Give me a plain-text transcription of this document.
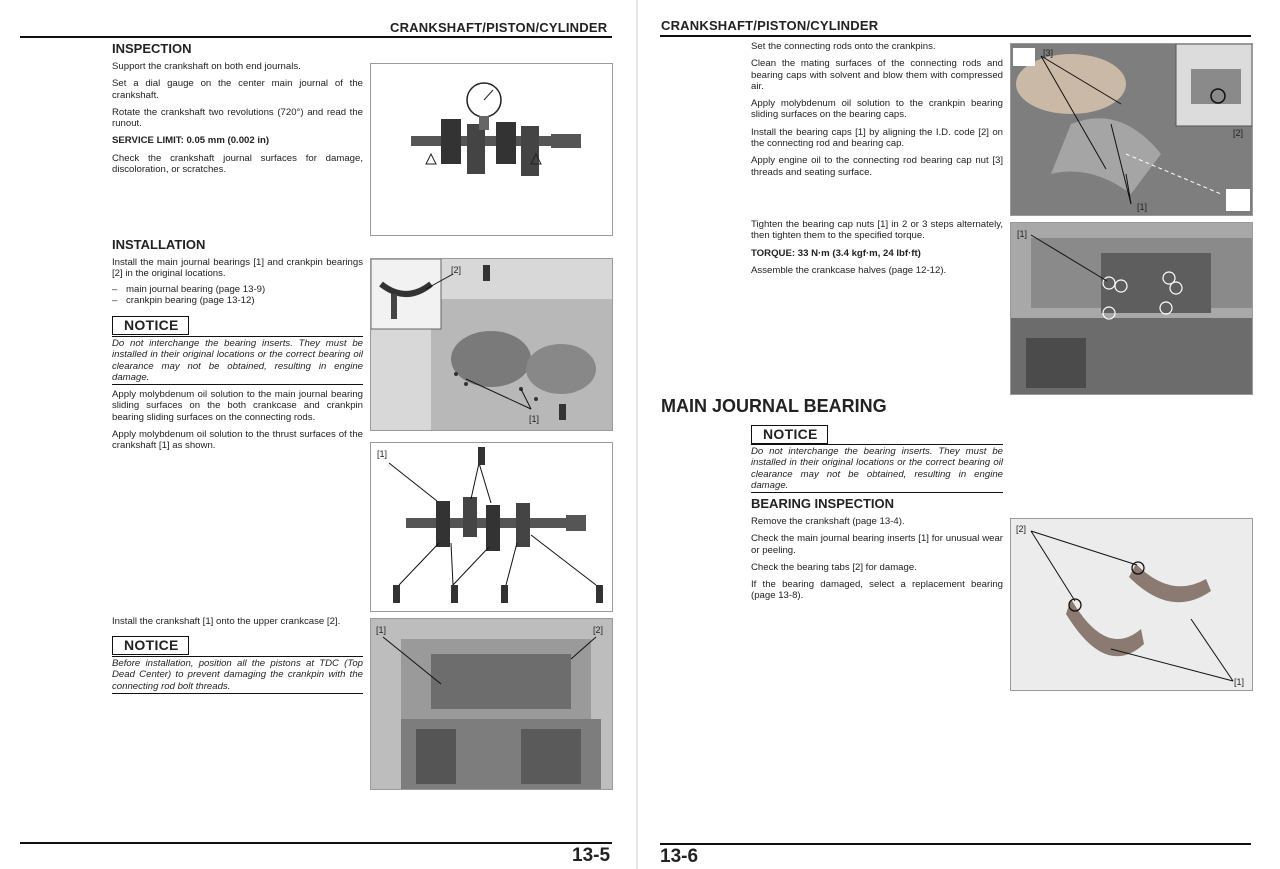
CRANKSHAFT/PISTON/CYLINDER
INSPECTION

Support the crankshaft on both end journals.

Set a dial gauge on the center main journal of the crankshaft.

Rotate the crankshaft two revolutions (720°) and read the runout.

SERVICE LIMIT: 0.05 mm (0.002 in)

Check the crankshaft journal surfaces for damage, discoloration, or scratches.

INSTALLATION

Install the main journal bearings [1] and crankpin bearings [2] in the original locations.

– main journal bearing (page 13-9)
– crankpin bearing (page 13-12)
NOTICE

Do not interchange the bearing inserts. They must be installed in their original locations or the correct bearing oil clearance may not be obtained, resulting in engine damage.

Apply molybdenum oil solution to the main journal bearing sliding surfaces on the both crankcase and crankpin bearing sliding surfaces on the connecting rods.

Apply molybdenum oil solution to the thrust surfaces of the crankshaft [1] as shown.

[2]
[1]
[1]

Install the crankshaft [1] onto the upper crankcase [2].

NOTICE

Before installation, position all the pistons at TDC (Top Dead Center) to prevent damaging the crankpin with the connecting rod bolt threads.

[1]	[2]
13-5
CRANKSHAFT/PISTON/CYLINDER

Set the connecting rods onto the crankpins.

Clean the mating surfaces of the connecting rods and bearing caps with solvent and blow them with compressed air.

Apply molybdenum oil solution to the crankpin bearing sliding surfaces on the bearing caps.

Install the bearing caps [1] by aligning the I.D. code [2] on the connecting rod and bearing cap.

Apply engine oil to the connecting rod bearing cap nut [3] threads and seating surface.

[3]
[2]
[1]

Tighten the bearing cap nuts [1] in 2 or 3 steps alternately, then tighten them to the specified torque.

TORQUE: 33 N·m (3.4 kgf·m, 24 lbf·ft)

Assemble the crankcase halves (page 12-12).

[1]
MAIN JOURNAL BEARING
NOTICE

Do not interchange the bearing inserts. They must be installed in their original locations or the correct bearing oil clearance may not be obtained, resulting in engine damage.

BEARING INSPECTION

Remove the crankshaft (page 13-4).

Check the main journal bearing inserts [1] for unusual wear or peeling.

Check the bearing tabs [2] for damage.

If the bearing damaged, select a replacement bearing (page 13-8).

[2]
[1]
13-6
